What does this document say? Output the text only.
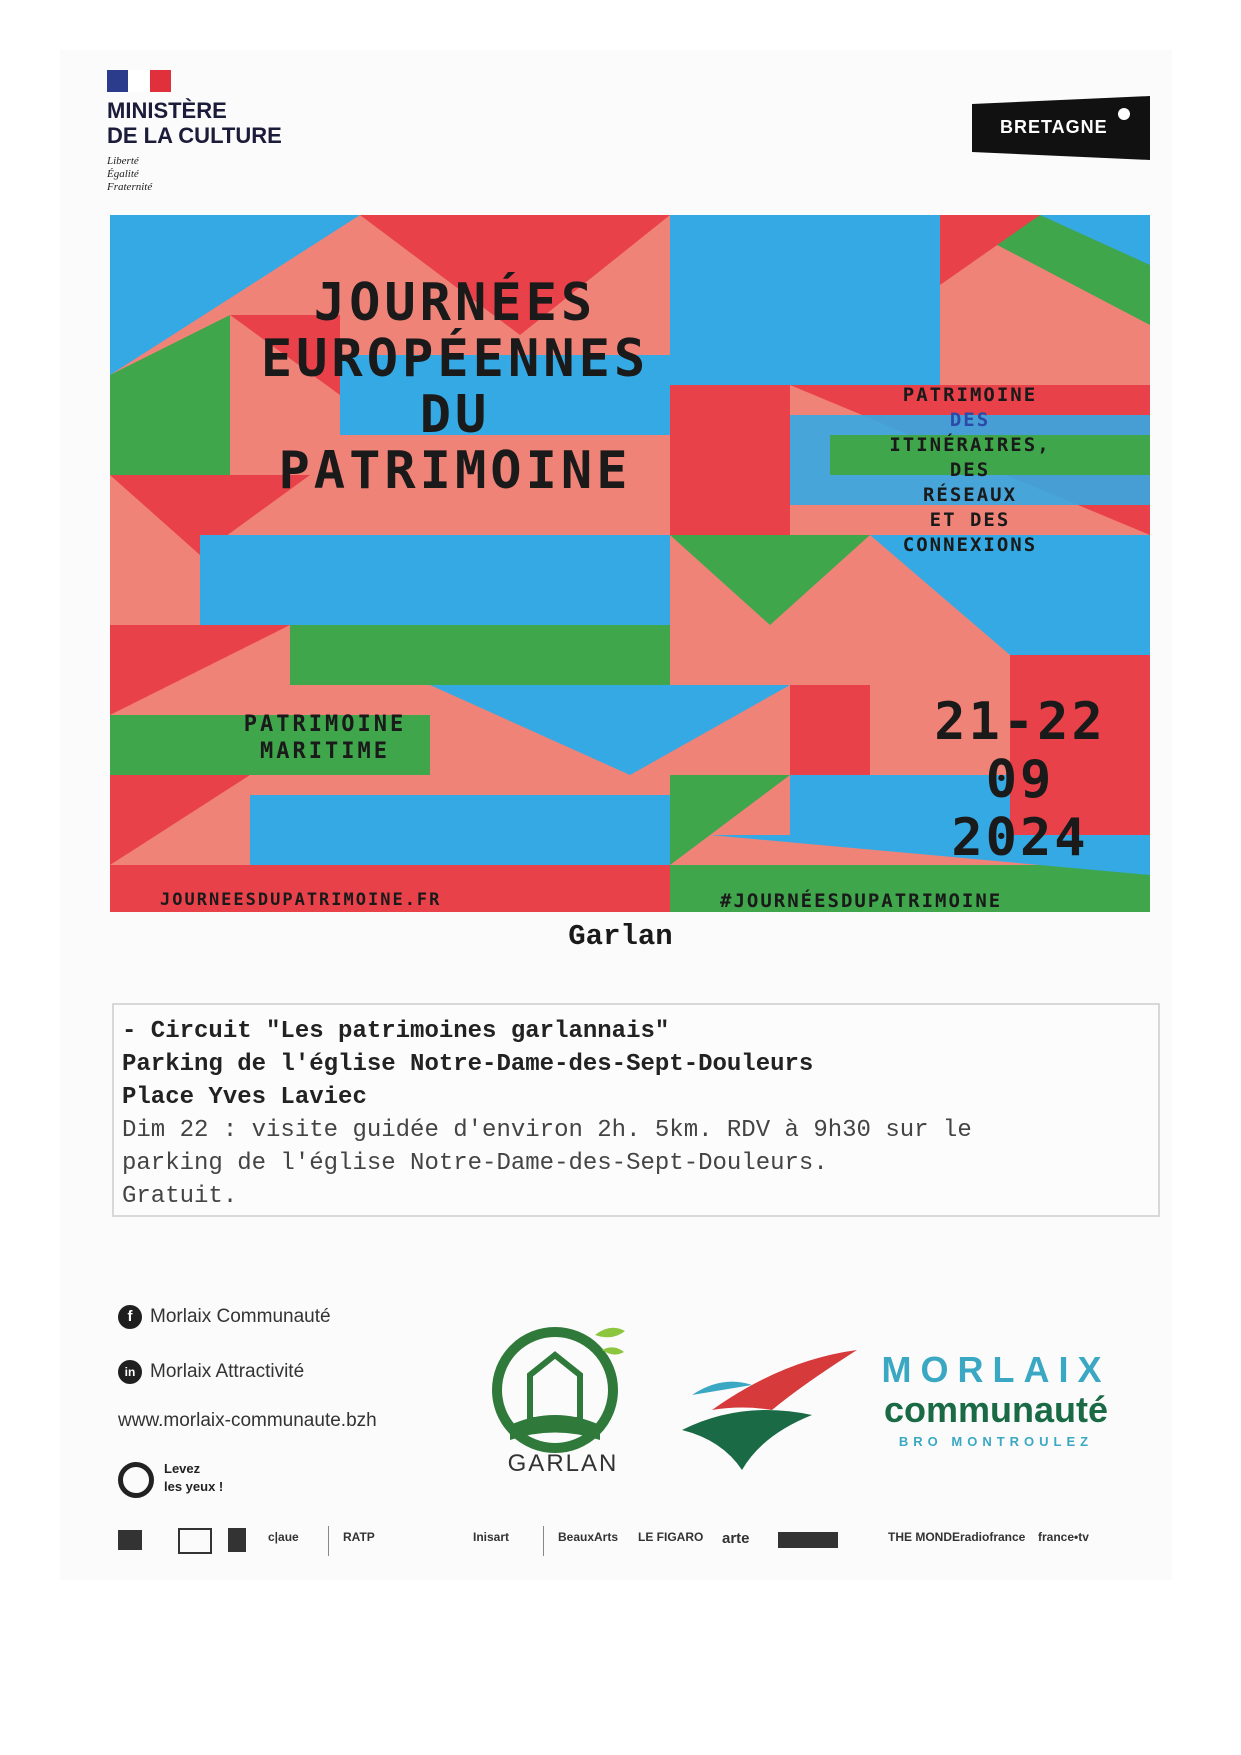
MINISTÈRE
DE LA CULTURE
Liberté
Égalité
Fraternité
BRETAGNE
JOURNÉES
EUROPÉENNES
DU
PATRIMOINE
PATRIMOINE
DES
ITINÉRAIRES,
DES
RÉSEAUX
ET DES
CONNEXIONS
PATRIMOINE
MARITIME	21-22
09
2024
JOURNEESDUPATRIMOINE.FR	#JOURNÉESDUPATRIMOINE
Garlan
- Circuit "Les patrimoines garlannais"
Parking de l'église Notre-Dame-des-Sept-Douleurs
Place Yves Laviec
Dim 22 : visite guidée d'environ 2h. 5km. RDV à 9h30 sur le
parking de l'église Notre-Dame-des-Sept-Douleurs.
Gratuit.
f Morlaix Communauté
in Morlaix Attractivité
www.morlaix-communaute.bzh
Levez
les yeux !
GARLAN
MORLAIX
communauté
BRO MONTROULEZ
c|aue	RATP	Inisart	BeauxArts LE FIGARO arte	THE MONDE radiofrance france•tv
